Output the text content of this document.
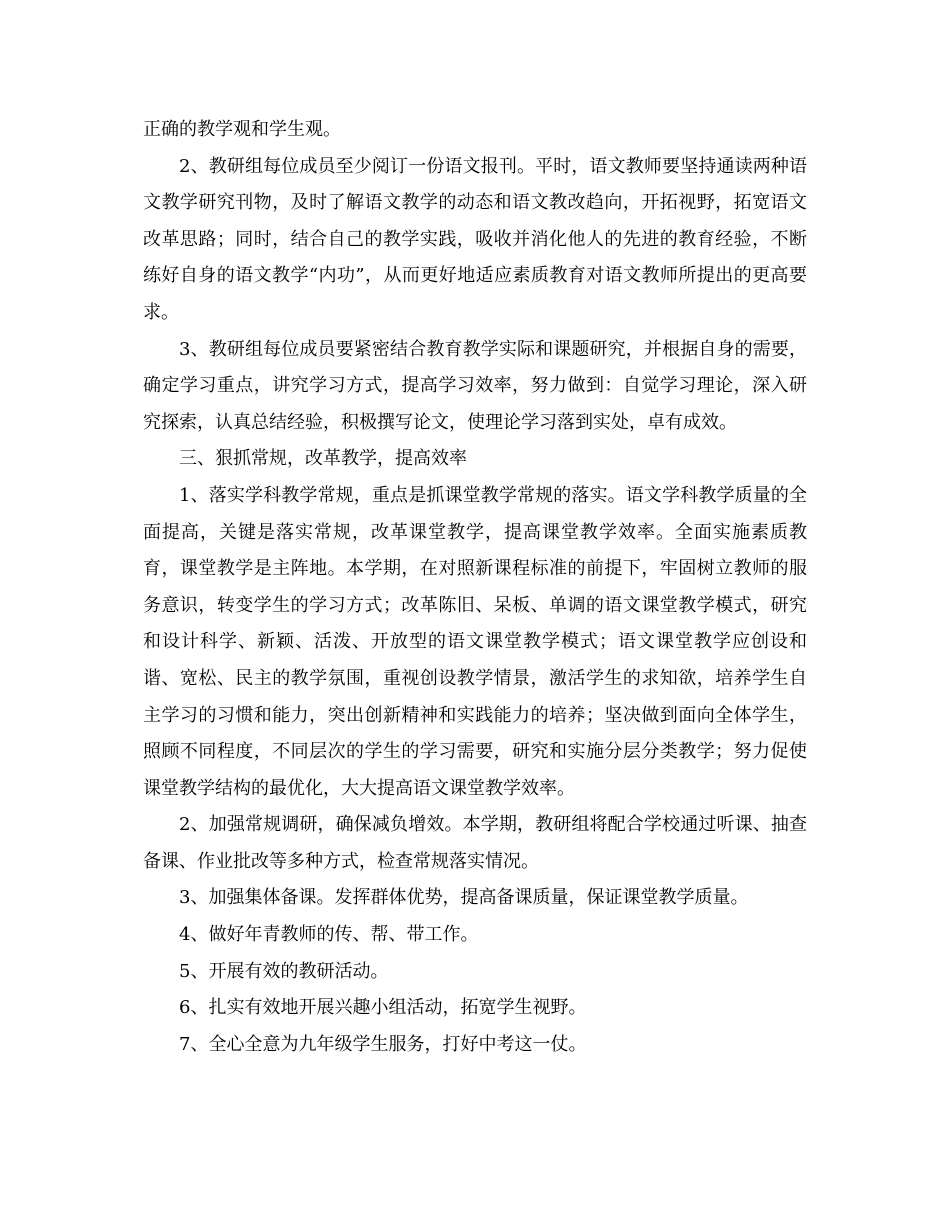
正确的教学观和学生观。

2、教研组每位成员至少阅订一份语文报刊。平时，语文教师要坚持通读两种语文教学研究刊物，及时了解语文教学的动态和语文教改趋向，开拓视野，拓宽语文改革思路；同时，结合自己的教学实践，吸收并消化他人的先进的教育经验，不断练好自身的语文教学“内功”，从而更好地适应素质教育对语文教师所提出的更高要求。

3、教研组每位成员要紧密结合教育教学实际和课题研究，并根据自身的需要，确定学习重点，讲究学习方式，提高学习效率，努力做到：自觉学习理论，深入研究探索，认真总结经验，积极撰写论文，使理论学习落到实处，卓有成效。

三、狠抓常规，改革教学，提高效率

1、落实学科教学常规，重点是抓课堂教学常规的落实。语文学科教学质量的全面提高，关键是落实常规，改革课堂教学，提高课堂教学效率。全面实施素质教育，课堂教学是主阵地。本学期，在对照新课程标准的前提下，牢固树立教师的服务意识，转变学生的学习方式；改革陈旧、呆板、单调的语文课堂教学模式，研究和设计科学、新颖、活泼、开放型的语文课堂教学模式；语文课堂教学应创设和谐、宽松、民主的教学氛围，重视创设教学情景，激活学生的求知欲，培养学生自主学习的习惯和能力，突出创新精神和实践能力的培养；坚决做到面向全体学生，照顾不同程度，不同层次的学生的学习需要，研究和实施分层分类教学；努力促使课堂教学结构的最优化，大大提高语文课堂教学效率。

2、加强常规调研，确保减负增效。本学期，教研组将配合学校通过听课、抽查备课、作业批改等多种方式，检查常规落实情况。

3、加强集体备课。发挥群体优势，提高备课质量，保证课堂教学质量。

4、做好年青教师的传、帮、带工作。

5、开展有效的教研活动。

6、扎实有效地开展兴趣小组活动，拓宽学生视野。

7、全心全意为九年级学生服务，打好中考这一仗。
